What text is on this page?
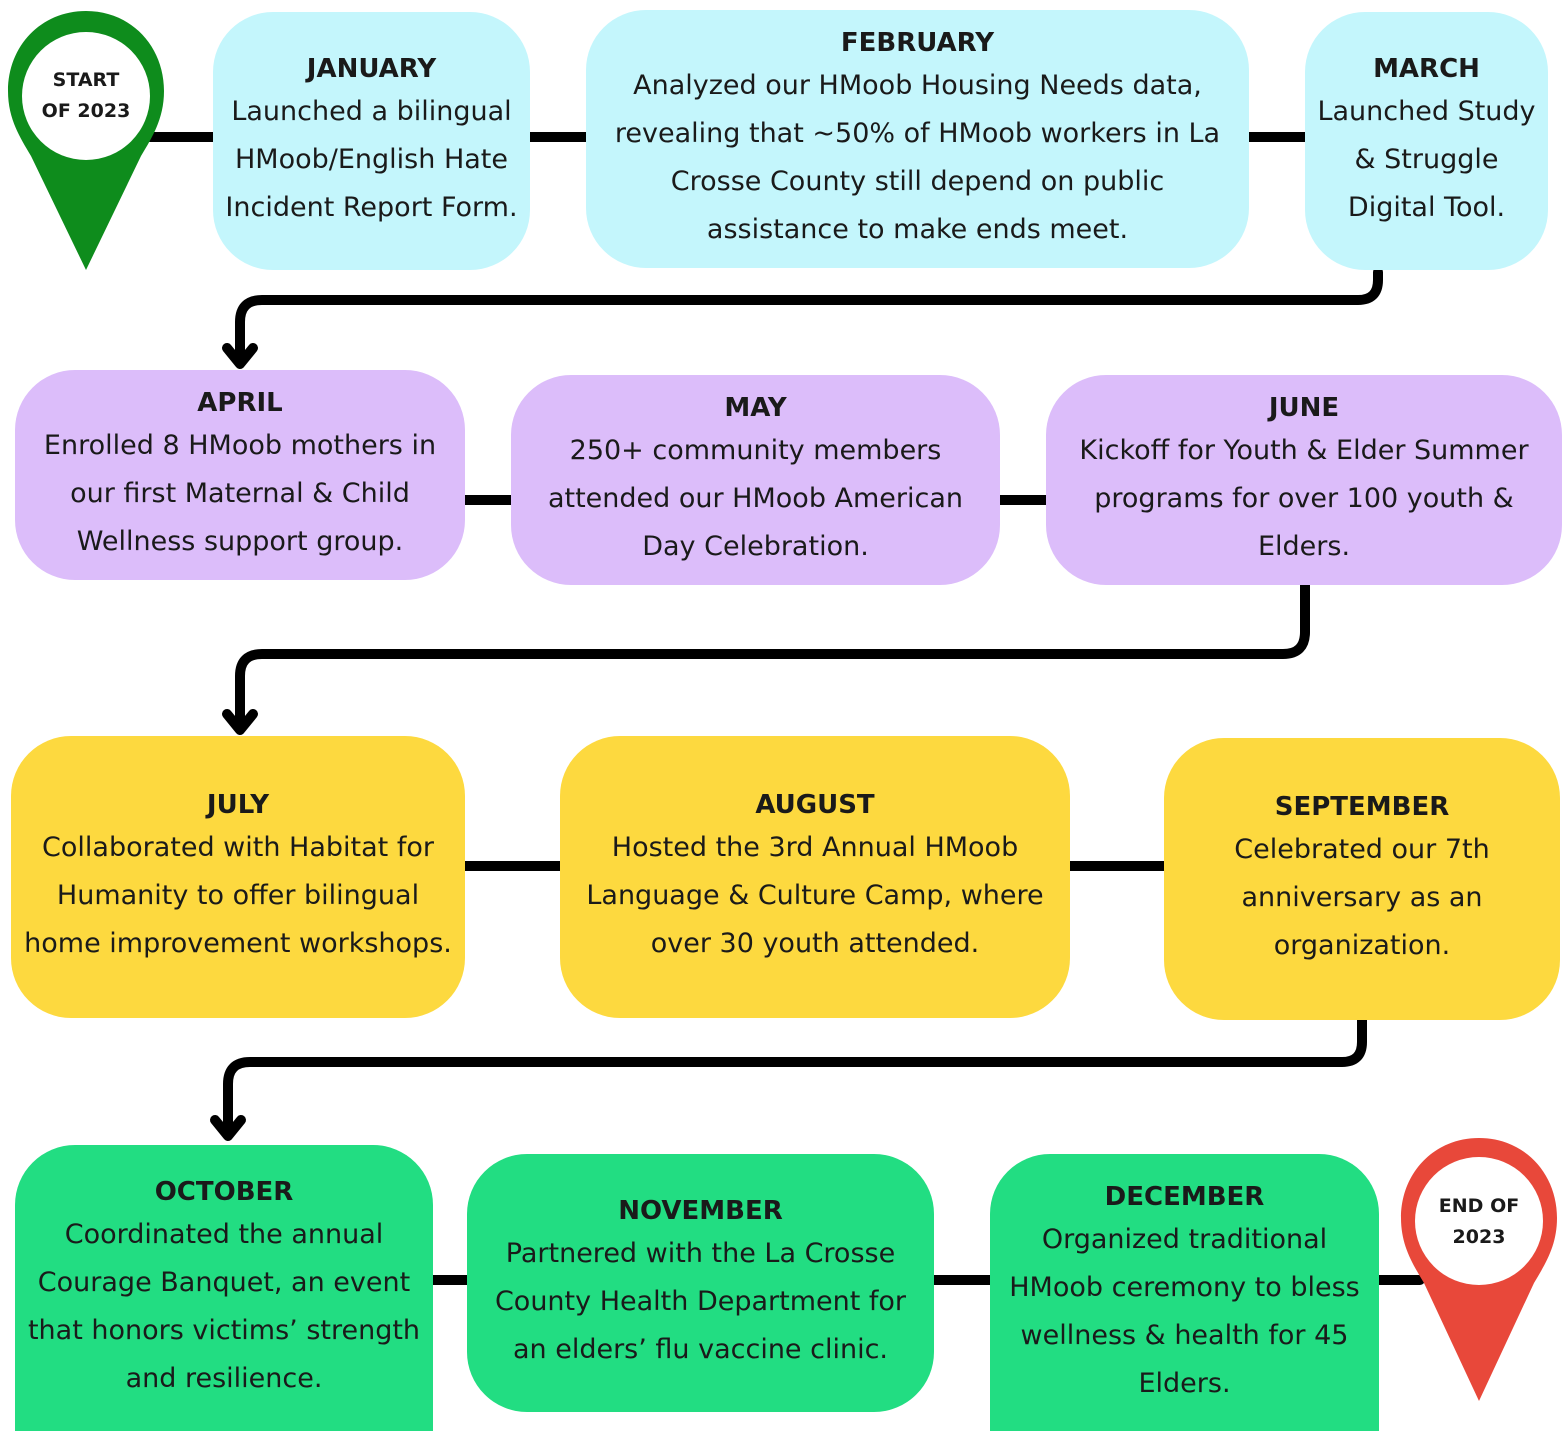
START
OF 2023
END OF
2023
JANUARY
Launched a bilingual HMoob/English Hate Incident Report Form.
FEBRUARY
Analyzed our HMoob Housing Needs data, revealing that ~50% of HMoob workers in La Crosse County still depend on public assistance to make ends meet.
MARCH
Launched Study & Struggle Digital Tool.
APRIL
Enrolled 8 HMoob mothers in our first Maternal & Child Wellness support group.
MAY
250+ community members attended our HMoob American Day Celebration.
JUNE
Kickoff for Youth & Elder Summer programs for over 100 youth & Elders.
JULY
Collaborated with Habitat for Humanity to offer bilingual home improvement workshops.
AUGUST
Hosted the 3rd Annual HMoob Language & Culture Camp, where over 30 youth attended.
SEPTEMBER
Celebrated our 7th anniversary as an organization.
OCTOBER
Coordinated the annual Courage Banquet, an event that honors victims’ strength and resilience.
NOVEMBER
Partnered with the La Crosse County Health Department for an elders’ flu vaccine clinic.
DECEMBER
Organized traditional HMoob ceremony to bless wellness & health for 45 Elders.
